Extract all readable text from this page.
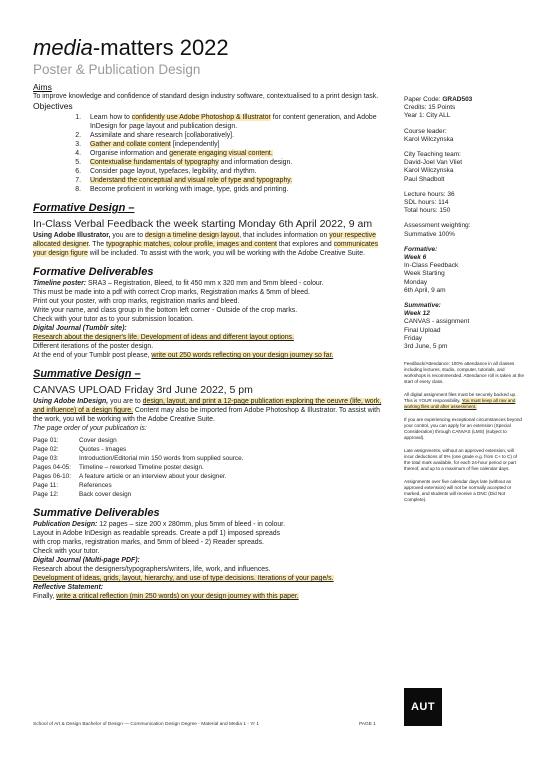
media-matters 2022
Poster & Publication Design

Aims

To improve knowledge and confidence of standard design industry software, contextualised to a print design task.

Objectives

1.	Learn how to confidently use Adobe Photoshop & Illustrator for content generation, and Adobe InDesign for page layout and publication design.
2.	Assimilate and share research [collaboratively].
3.	Gather and collate content [independently]
4.	Organise information and generate engaging visual content.
5.	Contextualise fundamentals of typography and information design.
6.	Consider page layout, typefaces, legibility, and rhythm.
7.	Understand the conceptual and visual role of type and typography.
8.	Become proficient in working with image, type, grids and printing.
Formative Design –
In-Class Verbal Feedback the week starting Monday 6th April 2022, 9 am

Using Adobe Illustrator, you are to design a timeline design layout, that includes information on your respective allocated designer. The typographic matches, colour profile, images and content that explores and communicates your design figure will be included. To assist with the work, you will be working with the Adobe Creative Suite.

Formative Deliverables

Timeline poster: SRA3 – Registration, Bleed, to fit 450 mm x 320 mm and 5mm bleed - colour.

This must be made into a pdf with correct Crop marks, Registration marks & 5mm of bleed.

Print out your poster, with crop marks, registration marks and bleed.

Write your name, and class group in the bottom left corner - Outside of the crop marks.

Check with your tutor as to your submission location.

Digital Journal (Tumblr site):

Research about the designer's life. Development of ideas and different layout options.

Different iterations of the poster design.

At the end of your Tumblr post please, write out 250 words reflecting on your design journey so far.

Summative Design –
CANVAS UPLOAD Friday 3rd June 2022, 5 pm

Using Adobe InDesign, you are to design, layout, and print a 12-page publication exploring the oeuvre (life, work, and influence) of a design figure. Content may also be imported from Adobe Photoshop & Illustrator. To assist with the work, you will be working with the Adobe Creative Suite.

The page order of your publication is:

Page 01:	Cover design
Page 02:	Quotes - Images
Page 03:	Introduction/Editorial min 150 words from supplied source.
Pages 04-05:	Timeline – reworked Timeline poster design.
Pages 06-10:	A feature article or an interview about your designer.
Page 11:	References
Page 12:	Back cover design
Summative Deliverables

Publication Design: 12 pages – size 200 x 280mm, plus 5mm of bleed - in colour.

Layout in Adobe InDesign as readable spreads. Create a pdf 1) imposed spreads

with crop marks, registration marks, and 5mm of bleed - 2) Reader spreads.

Check with your tutor.

Digital Journal (Multi-page PDF):

Research about the designers/typographers/writers, life, work, and influences.

Development of ideas, grids, layout, hierarchy, and use of type decisions. Iterations of your page/s.

Reflective Statement:

Finally, write a critical reflection (min 250 words) on your design journey with this paper.

Paper Code: GRAD503

Credits: 15 Points

Year 1: City ALL

Course leader:

Karol Wilczynska

City Teaching team:

David-Joel Van Vliet

Karol Wilczynska

Paul Shadbolt

Lecture hours: 36

SDL hours: 114

Total hours: 150

Assessment weighting:

Summative 100%

Formative:

Week 6

In-Class Feedback

Week Starting

Monday

6th April, 9 am

Summative:

Week 12

CANVAS - assignment

Final Upload

Friday

3rd June, 5 pm

Feedback/Attendance: 100% attendance in all classes including lectures, studio, computer, tutorials, and workshops is recommended. Attendance roll is taken at the start of every class.

All digital assignment files must be securely backed up. This is YOUR responsibility. You must keep all raw and working files until after assessment.

If you are experiencing exceptional circumstances beyond your control, you can apply for an extension (Special Consideration) through CANVAS (LMS) (subject to approval).

Late assignments, without an approved extension, will incur deductions of 5% (one grade e.g. from C+ to C) of the total mark available, for each 24-hour period or part thereof, and up to a maximum of five calendar days.

Assignments over five calendar days late (without an approved extension) will not be normally accepted or marked, and students will receive a DNC (Did Not Complete).

AUT
School of Art & Design Bachelor of Design — Communication Design Degree - Material and Media 1 - Yr 1	PAGE 1
